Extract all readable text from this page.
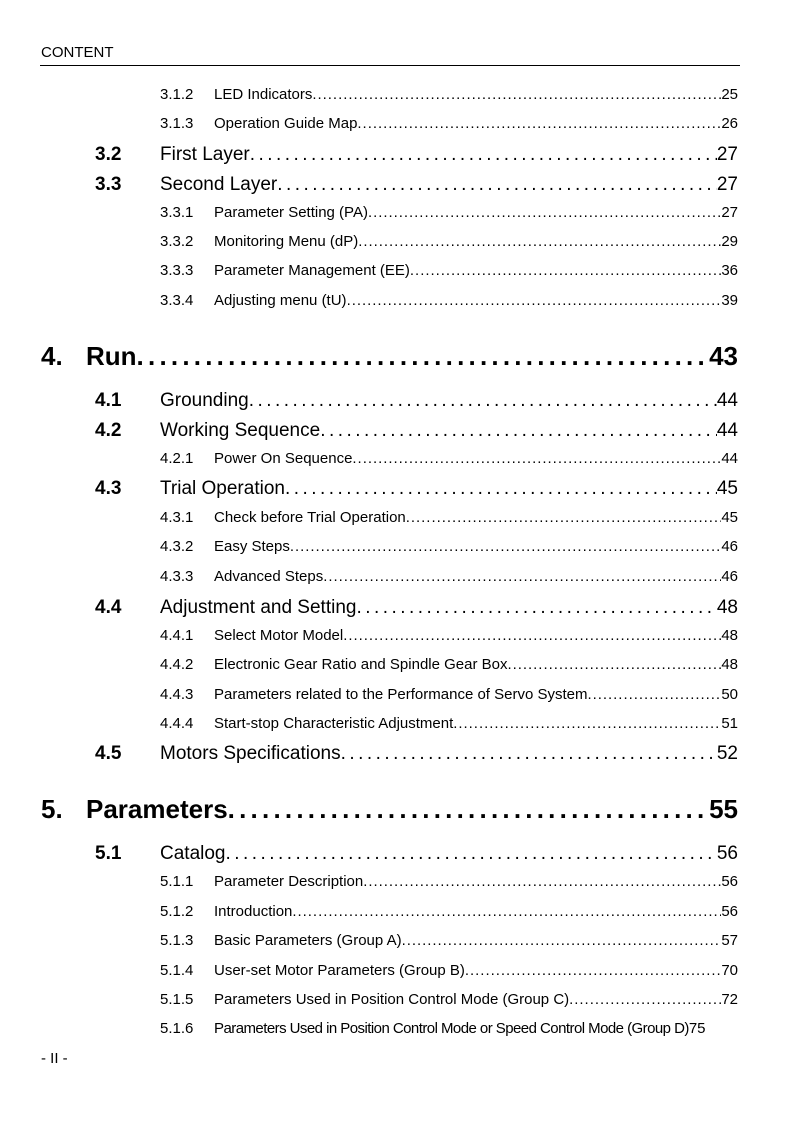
CONTENT
3.1.2	LED Indicators . . .	25
3.1.3	Operation Guide Map . . .	26
3.2	First Layer . . .	27
3.3	Second Layer . . .	27
3.3.1	Parameter Setting (PA) . . .	27
3.3.2	Monitoring Menu (dP) . . .	29
3.3.3	Parameter Management (EE) . . .	36
3.3.4	Adjusting menu (tU) . . .	39
4. Run . . .	43
4.1	Grounding . . .	44
4.2	Working Sequence . . .	44
4.2.1	Power On Sequence . . .	44
4.3	Trial Operation . . .	45
4.3.1	Check before Trial Operation . . .	45
4.3.2	Easy Steps . . .	46
4.3.3	Advanced Steps . . .	46
4.4	Adjustment and Setting . . .	48
4.4.1	Select Motor Model . . .	48
4.4.2	Electronic Gear Ratio and Spindle Gear Box . . .	48
4.4.3	Parameters related to the Performance of Servo System . . .	50
4.4.4	Start-stop Characteristic Adjustment . . .	51
4.5	Motors Specifications . . .	52
5. Parameters . . .	55
5.1	Catalog . . .	56
5.1.1	Parameter Description . . .	56
5.1.2	Introduction . . .	56
5.1.3	Basic Parameters (Group A) . . .	57
5.1.4	User-set Motor Parameters (Group B) . . .	70
5.1.5	Parameters Used in Position Control Mode (Group C) . . .	72
5.1.6	Parameters Used in Position Control Mode or Speed Control Mode (Group D) 75
- II -
